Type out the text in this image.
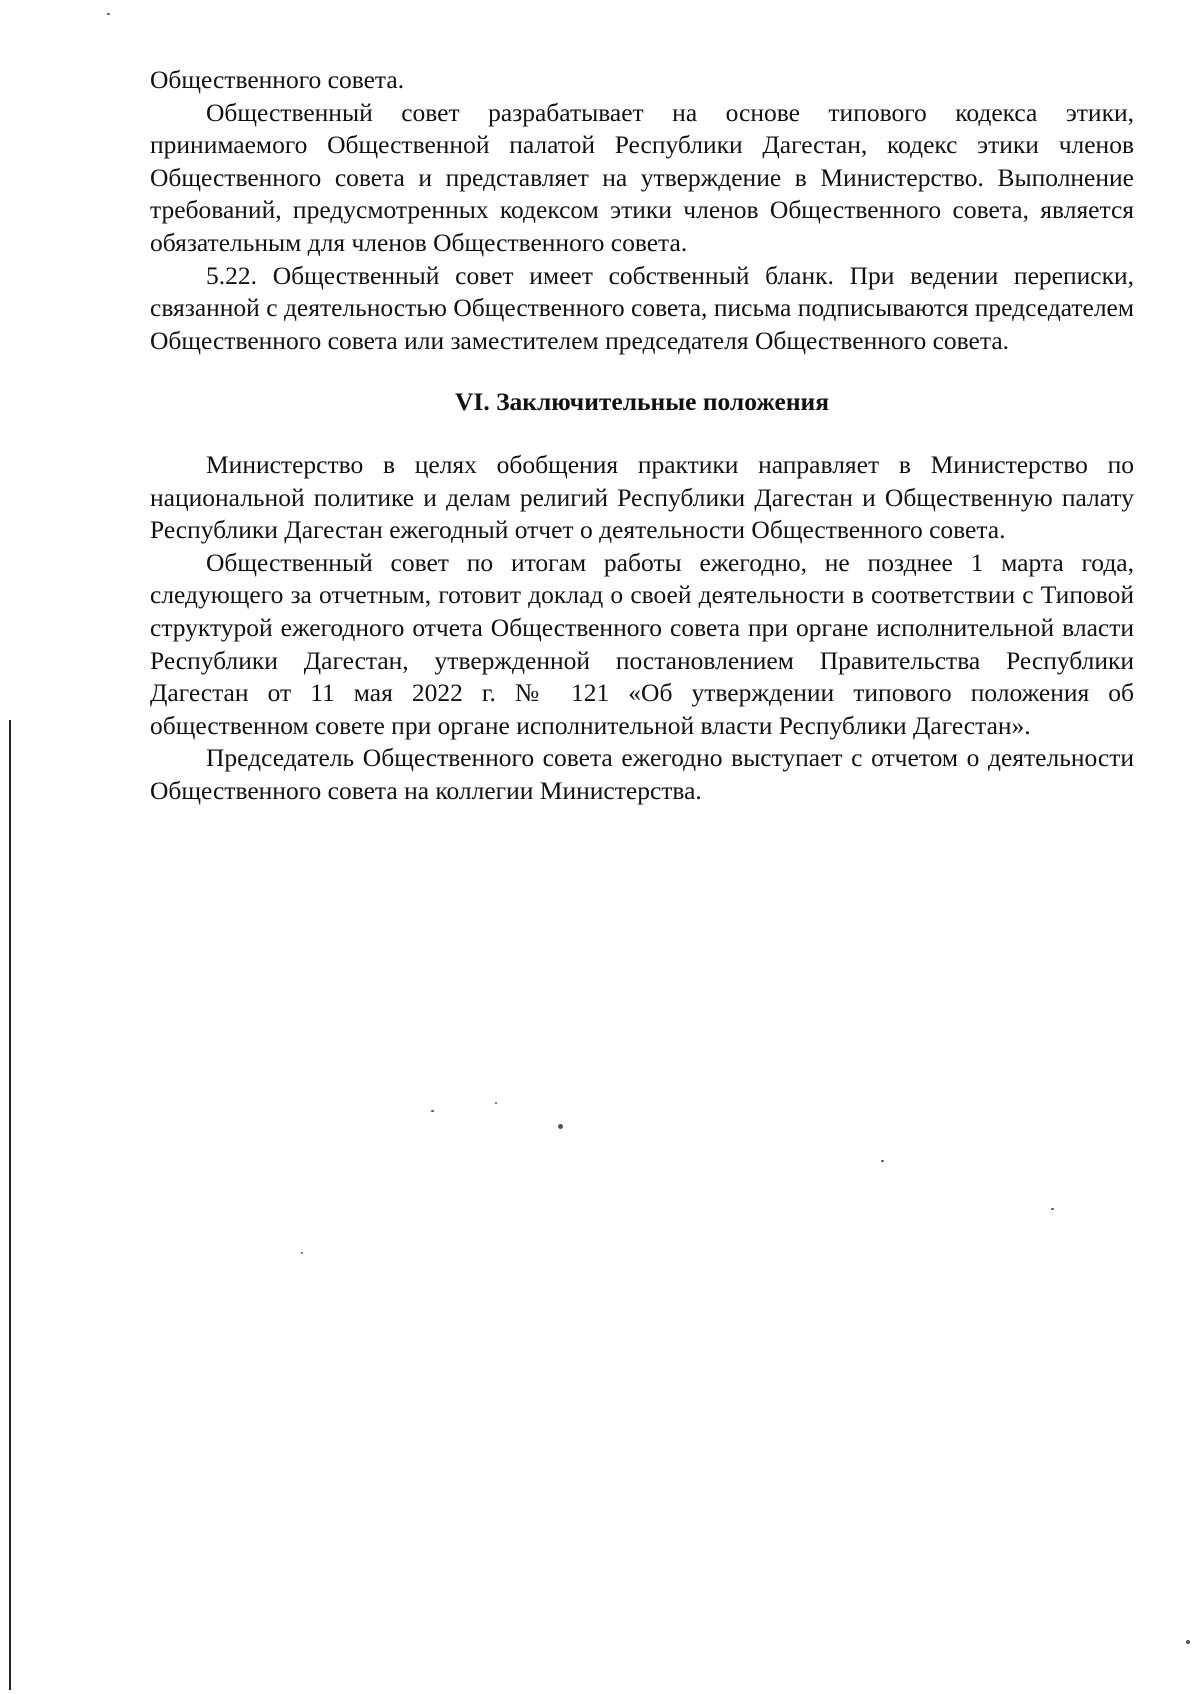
Общественного совета.

Общественный совет разрабатывает на основе типового кодекса этики, принимаемого Общественной палатой Республики Дагестан, кодекс этики членов Общественного совета и представляет на утверждение в Министерство. Выполнение требований, предусмотренных кодексом этики членов Общественного совета, является обязательным для членов Общественного совета.

5.22. Общественный совет имеет собственный бланк. При ведении переписки, связанной с деятельностью Общественного совета, письма подписываются председателем Общественного совета или заместителем председателя Общественного совета.

VI. Заключительные положения

Министерство в целях обобщения практики направляет в Министерство по национальной политике и делам религий Республики Дагестан и Общественную палату Республики Дагестан ежегодный отчет о деятельности Общественного совета.

Общественный совет по итогам работы ежегодно, не позднее 1 марта года, следующего за отчетным, готовит доклад о своей деятельности в соответствии с Типовой структурой ежегодного отчета Общественного совета при органе исполнительной власти Республики Дагестан, утвержденной постановлением Правительства Республики Дагестан от 11 мая 2022 г. № 121 «Об утверждении типового положения об общественном совете при органе исполнительной власти Республики Дагестан».

Председатель Общественного совета ежегодно выступает с отчетом о деятельности Общественного совета на коллегии Министерства.
